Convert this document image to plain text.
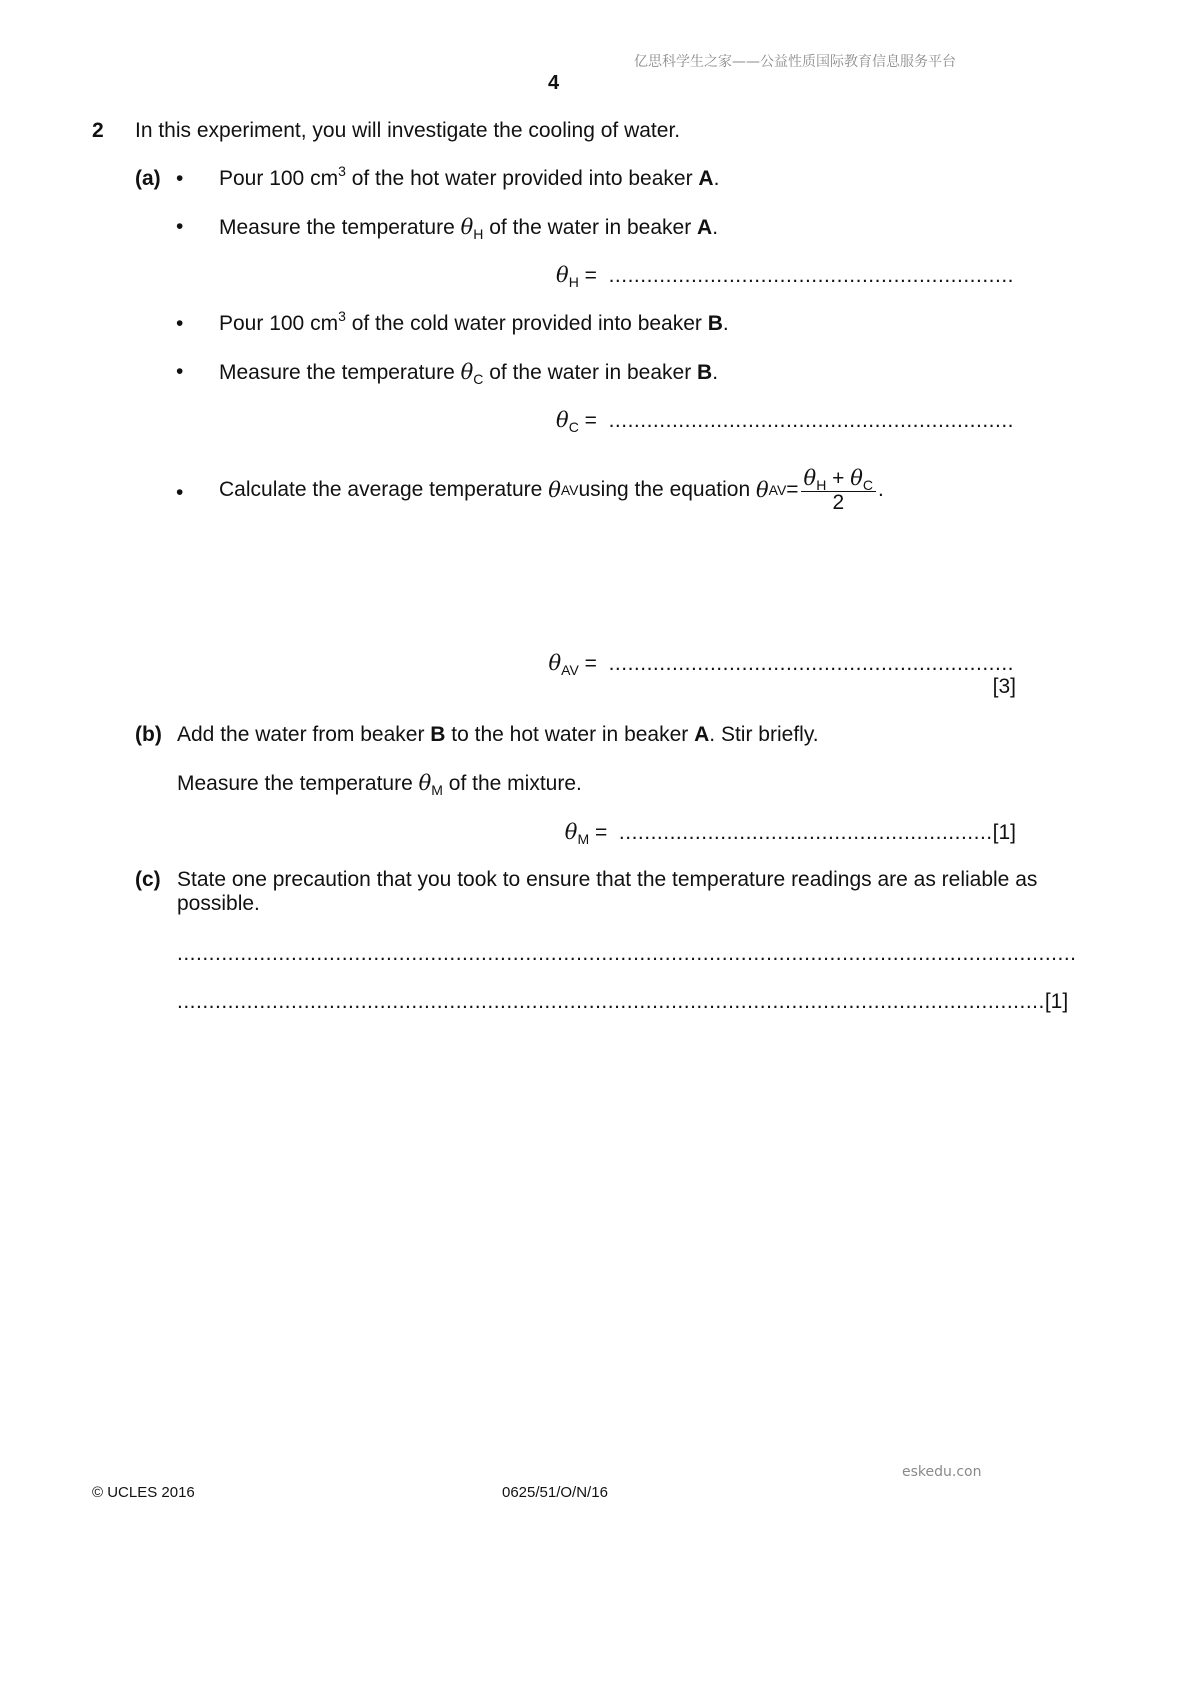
亿思科学生之家——公益性质国际教育信息服务平台
4
2 In this experiment, you will investigate the cooling of water.
(a) • Pour 100 $cm^3$ of the hot water provided into beaker A.
• Measure the temperature $\theta_H$ of the water in beaker A.
$\theta_H$ = ................................................................
• Pour 100 $cm^3$ of the cold water provided into beaker B.
• Measure the temperature $\theta_C$ of the water in beaker B.
$\theta_C$ = ................................................................
• Calculate the average temperature
θ AV using the equation
θ AV = $\frac{\theta_H + \theta_C}{2}$ .
$\theta_{AV}$ = ................................................................
[3]
(b) Add the water from beaker B to the hot water in beaker A. Stir briefly.
Measure the temperature $\theta_M$ of the mixture.
$\theta_M = ...........................................................[1]$
(c) State one precaution that you took to ensure that the temperature readings are as reliable as
possible.
..............................................................................................................................................
.........................................................................................................................................[1]
eskedu.con
© UCLES 2016	0625/51/O/N/16
